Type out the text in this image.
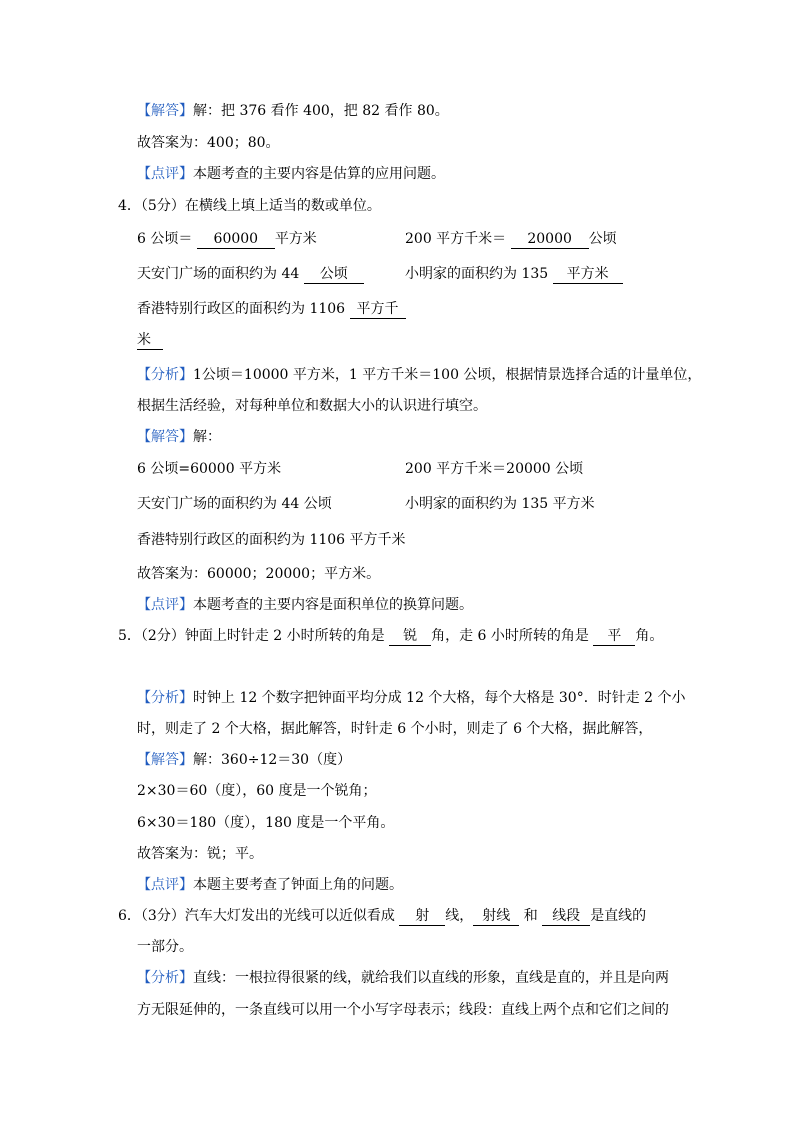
【解答】解：把 376 看作 400，把 82 看作 80。
故答案为：400；80。
【点评】本题考查的主要内容是估算的应用问题。
4．（5分）在横线上填上适当的数或单位。
6 公顷＝ 60000 平方米	200 平方千米＝ 20000 公顷
天安门广场的面积约为 44 公顷	小明家的面积约为 135 平方米
香港特别行政区的面积约为 1106 平方千
米
【分析】1公顷＝10000 平方米，1 平方千米＝100 公顷，根据情景选择合适的计量单位，
根据生活经验，对每种单位和数据大小的认识进行填空。
【解答】解：
6 公顷=60000 平方米	200 平方千米＝20000 公顷
天安门广场的面积约为 44 公顷	小明家的面积约为 135 平方米
香港特别行政区的面积约为 1106 平方千米
故答案为：60000；20000；平方米。
【点评】本题考查的主要内容是面积单位的换算问题。
5．（2分）钟面上时针走 2 小时所转的角是 锐 角，走 6 小时所转的角是 平 角。
【分析】时钟上 12 个数字把钟面平均分成 12 个大格，每个大格是 30°．时针走 2 个小
时，则走了 2 个大格，据此解答，时针走 6 个小时，则走了 6 个大格，据此解答，
【解答】解：360÷12＝30（度）
2×30＝60（度），60 度是一个锐角；
6×30＝180（度），180 度是一个平角。
故答案为：锐；平。
【点评】本题主要考查了钟面上角的问题。
6．（3分）汽车大灯发出的光线可以近似看成 射 线， 射线 和 线段 是直线的
一部分。
【分析】直线：一根拉得很紧的线，就给我们以直线的形象，直线是直的，并且是向两
方无限延伸的，一条直线可以用一个小写字母表示；线段：直线上两个点和它们之间的
